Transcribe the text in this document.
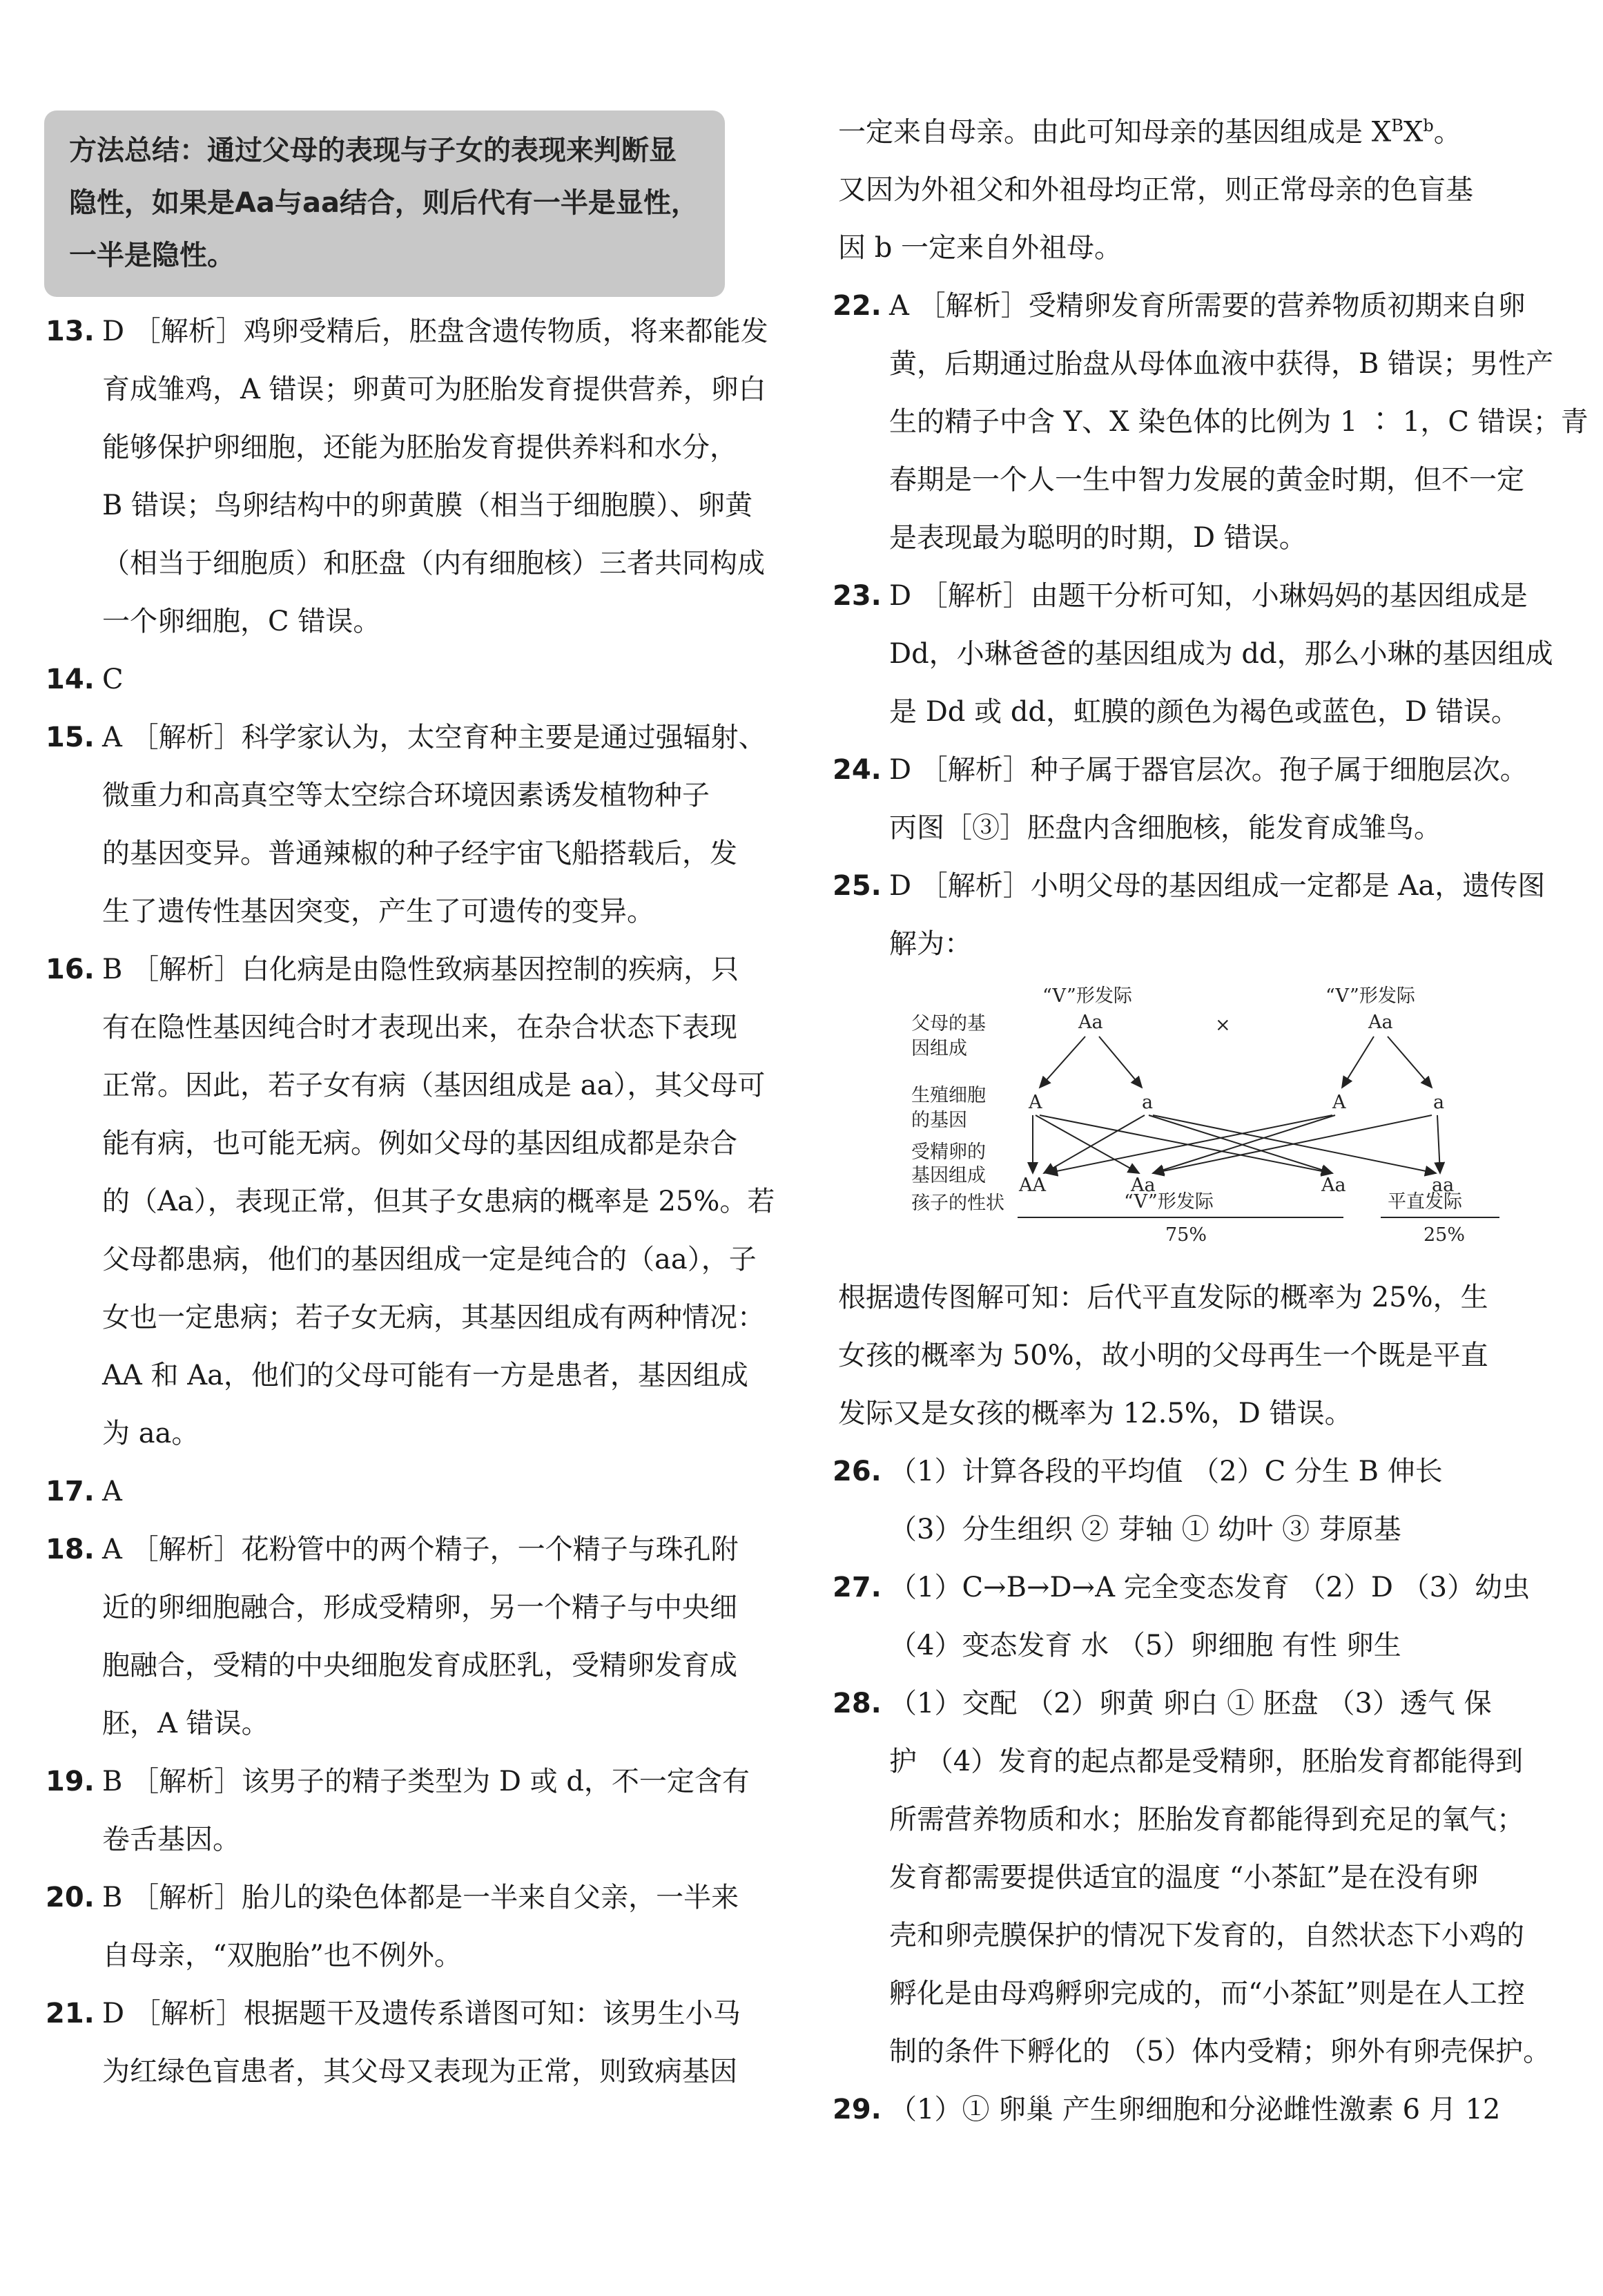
方法总结：通过父母的表现与子女的表现来判断显
隐性，如果是Aa与aa结合，则后代有一半是显性，
一半是隐性。
13. D ［解析］鸡卵受精后，胚盘含遗传物质，将来都能发
育成雏鸡，A 错误；卵黄可为胚胎发育提供营养，卵白
能够保护卵细胞，还能为胚胎发育提供养料和水分，
B 错误；鸟卵结构中的卵黄膜（相当于细胞膜）、卵黄
（相当于细胞质）和胚盘（内有细胞核）三者共同构成
一个卵细胞，C 错误。
14. C
15. A ［解析］科学家认为，太空育种主要是通过强辐射、
微重力和高真空等太空综合环境因素诱发植物种子
的基因变异。普通辣椒的种子经宇宙飞船搭载后，发
生了遗传性基因突变，产生了可遗传的变异。
16. B ［解析］白化病是由隐性致病基因控制的疾病，只
有在隐性基因纯合时才表现出来，在杂合状态下表现
正常。因此，若子女有病（基因组成是 aa），其父母可
能有病，也可能无病。例如父母的基因组成都是杂合
的（Aa），表现正常，但其子女患病的概率是 25%。若
父母都患病，他们的基因组成一定是纯合的（aa），子
女也一定患病；若子女无病，其基因组成有两种情况：
AA 和 Aa，他们的父母可能有一方是患者，基因组成
为 aa。
17. A
18. A ［解析］花粉管中的两个精子，一个精子与珠孔附
近的卵细胞融合，形成受精卵，另一个精子与中央细
胞融合，受精的中央细胞发育成胚乳，受精卵发育成
胚，A 错误。
19. B ［解析］该男子的精子类型为 D 或 d，不一定含有
卷舌基因。
20. B ［解析］胎儿的染色体都是一半来自父亲，一半来
自母亲，“双胞胎”也不例外。
21. D ［解析］根据题干及遗传系谱图可知：该男生小马
为红绿色盲患者，其父母又表现为正常，则致病基因
一定来自母亲。由此可知母亲的基因组成是 $X^BX^b$。
又因为外祖父和外祖母均正常，则正常母亲的色盲基
因 b 一定来自外祖母。
22. A ［解析］受精卵发育所需要的营养物质初期来自卵
黄，后期通过胎盘从母体血液中获得，B 错误；男性产
生的精子中含 Y、X 染色体的比例为 1 ∶ 1，C 错误；青
春期是一个人一生中智力发展的黄金时期，但不一定
是表现最为聪明的时期，D 错误。
23. D ［解析］由题干分析可知，小琳妈妈的基因组成是
Dd，小琳爸爸的基因组成为 dd，那么小琳的基因组成
是 Dd 或 dd，虹膜的颜色为褐色或蓝色，D 错误。
24. D ［解析］种子属于器官层次。孢子属于细胞层次。
丙图［③］胚盘内含细胞核，能发育成雏鸟。
25. D ［解析］小明父母的基因组成一定都是 Aa，遗传图
解为：
“V”形发际	“V”形发际
父母的基
因组成
生殖细胞
的基因
受精卵的
基因组成
孩子的性状
Aa	×	Aa
A	a	A	a
AA	Aa	Aa	aa
“V”形发际	平直发际
75%	25%
根据遗传图解可知：后代平直发际的概率为 25%，生
女孩的概率为 50%，故小明的父母再生一个既是平直
发际又是女孩的概率为 12.5%，D 错误。
26. （1）计算各段的平均值 （2）C 分生 B 伸长
（3）分生组织 ② 芽轴 ① 幼叶 ③ 芽原基
27. （1）C→B→D→A 完全变态发育 （2）D （3）幼虫
（4）变态发育 水 （5）卵细胞 有性 卵生
28. （1）交配 （2）卵黄 卵白 ① 胚盘 （3）透气 保
护 （4）发育的起点都是受精卵，胚胎发育都能得到
所需营养物质和水；胚胎发育都能得到充足的氧气；
发育都需要提供适宜的温度 “小茶缸”是在没有卵
壳和卵壳膜保护的情况下发育的，自然状态下小鸡的
孵化是由母鸡孵卵完成的，而“小茶缸”则是在人工控
制的条件下孵化的 （5）体内受精；卵外有卵壳保护。
29. （1）① 卵巢 产生卵细胞和分泌雌性激素 6 月 12
